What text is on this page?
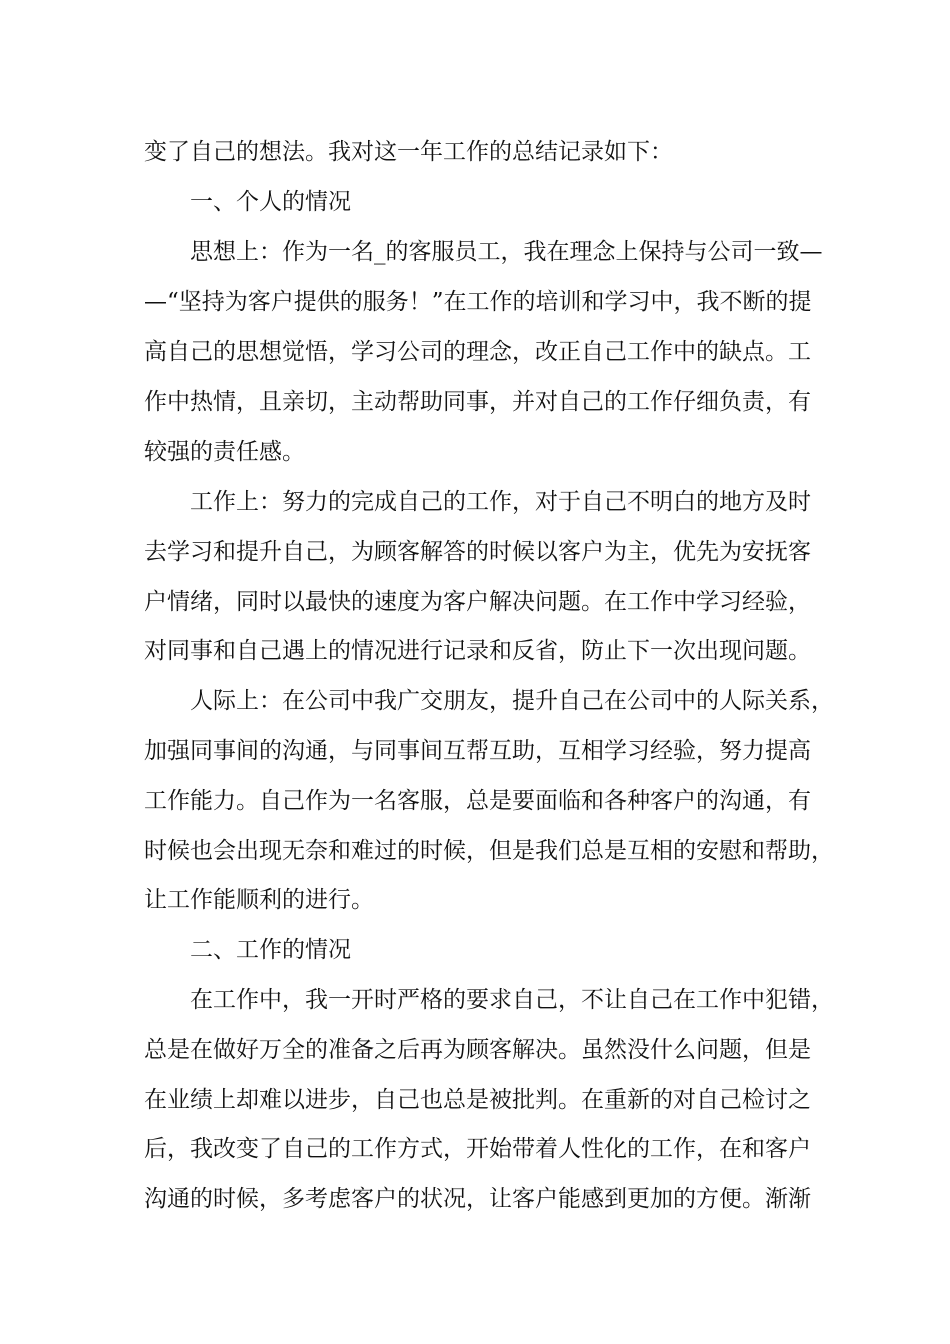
变了自己的想法。我对这一年工作的总结记录如下：
一、个人的情况
思想上：作为一名_的客服员工，我在理念上保持与公司一致—
—“坚持为客户提供的服务！”在工作的培训和学习中，我不断的提
高自己的思想觉悟，学习公司的理念，改正自己工作中的缺点。工
作中热情，且亲切，主动帮助同事，并对自己的工作仔细负责，有
较强的责任感。
工作上：努力的完成自己的工作，对于自己不明白的地方及时
去学习和提升自己，为顾客解答的时候以客户为主，优先为安抚客
户情绪，同时以最快的速度为客户解决问题。在工作中学习经验，
对同事和自己遇上的情况进行记录和反省，防止下一次出现问题。
人际上：在公司中我广交朋友，提升自己在公司中的人际关系，
加强同事间的沟通，与同事间互帮互助，互相学习经验，努力提高
工作能力。自己作为一名客服，总是要面临和各种客户的沟通，有
时候也会出现无奈和难过的时候，但是我们总是互相的安慰和帮助，
让工作能顺利的进行。
二、工作的情况
在工作中，我一开时严格的要求自己，不让自己在工作中犯错，
总是在做好万全的准备之后再为顾客解决。虽然没什么问题，但是
在业绩上却难以进步，自己也总是被批判。在重新的对自己检讨之
后，我改变了自己的工作方式，开始带着人性化的工作，在和客户
沟通的时候，多考虑客户的状况，让客户能感到更加的方便。渐渐
